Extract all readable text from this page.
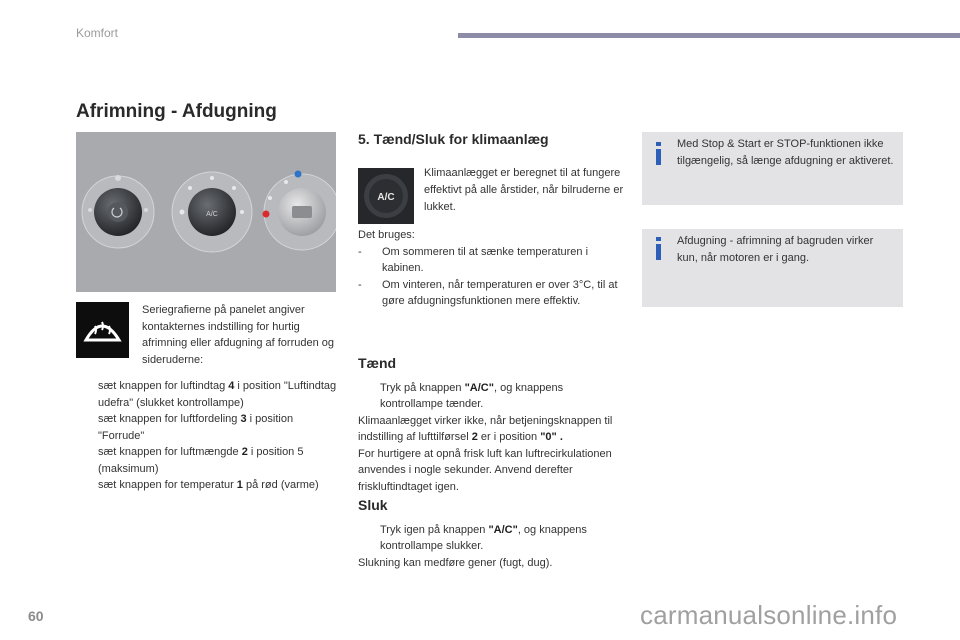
Komfort
Afrimning - Afdugning
A/C
Seriegrafierne på panelet angiver kontakternes indstilling for hurtig afrimning eller afdugning af forruden og sideruderne:
sæt knappen for luftindtag 4 i position "Luftindtag udefra" (slukket kontrollampe)
sæt knappen for luftfordeling 3 i position "Forrude"
sæt knappen for luftmængde 2 i position 5 (maksimum)
sæt knappen for temperatur 1 på rød (varme)
5. Tænd/Sluk for klimaanlæg
A/C
Klimaanlægget er beregnet til at fungere effektivt på alle årstider, når bilruderne er lukket.
Det bruges:
- Om sommeren til at sænke temperaturen i kabinen.
- Om vinteren, når temperaturen er over 3°C, til at gøre afdugningsfunktionen mere effektiv.
Tænd
Tryk på knappen "A/C", og knappens kontrollampe tænder.
Klimaanlægget virker ikke, når betjeningsknappen til indstilling af lufttilførsel 2 er i position "0" .
For hurtigere at opnå frisk luft kan luftrecirkulationen anvendes i nogle sekunder. Anvend derefter friskluftindtaget igen.
Sluk
Tryk igen på knappen "A/C", og knappens kontrollampe slukker.
Slukning kan medføre gener (fugt, dug).
Med Stop & Start er STOP-funktionen ikke tilgængelig, så længe afdugning er aktiveret.
Afdugning - afrimning af bagruden virker kun, når motoren er i gang.
60	carmanualsonline.info
